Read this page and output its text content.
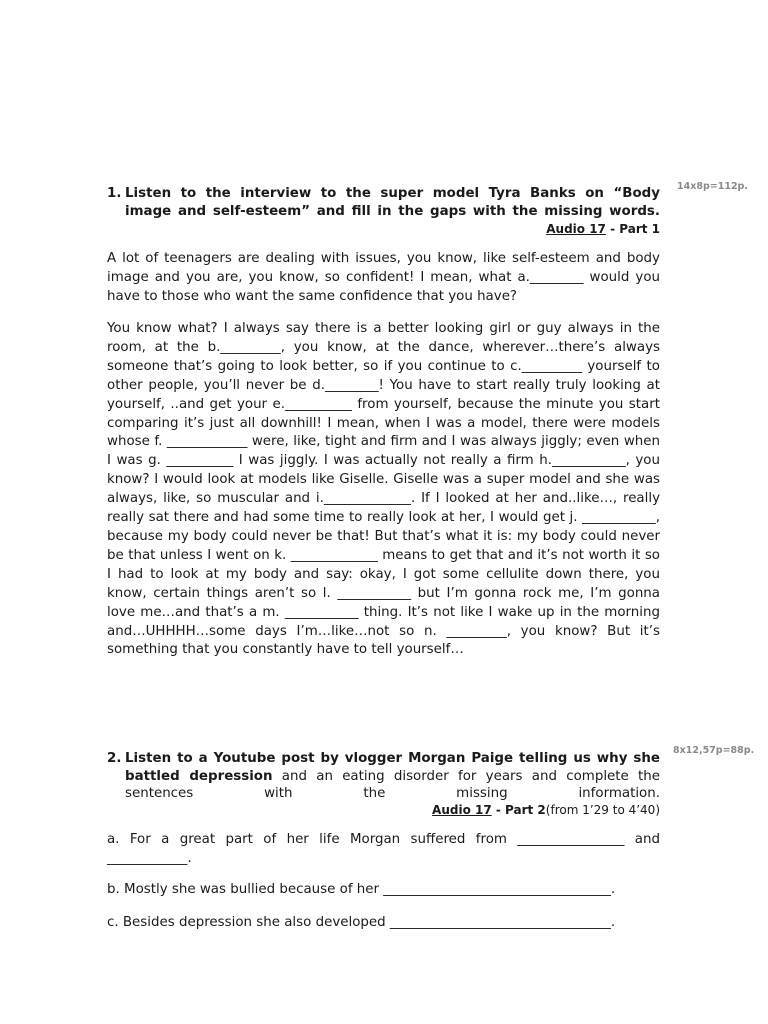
14x8p=112p.
1. Listen to the interview to the super model Tyra Banks on “Body
image and self-esteem” and fill in the gaps with the missing words.
Audio 17 - Part 1

A lot of teenagers are dealing with issues, you know, like self-esteem and body image and you are, you know, so confident! I mean, what a.________ would you have to those who want the same confidence that you have?

You know what? I always say there is a better looking girl or guy always in the room, at the b._________, you know, at the dance, wherever…there’s always someone that’s going to look better, so if you continue to c._________ yourself to other people, you’ll never be d.________! You have to start really truly looking at yourself, ..and get your e.__________ from yourself, because the minute you start comparing it’s just all downhill! I mean, when I was a model, there were models whose f. ____________ were, like, tight and firm and I was always jiggly; even when I was g. __________ I was jiggly. I was actually not really a firm h.___________, you know? I would look at models like Giselle. Giselle was a super model and she was always, like, so muscular and i._____________. If I looked at her and..like…, really really sat there and had some time to really look at her, I would get j. ___________, because my body could never be that! But that’s what it is: my body could never be that unless I went on k. _____________ means to get that and it’s not worth it so I had to look at my body and say: okay, I got some cellulite down there, you know, certain things aren’t so l. ___________ but I’m gonna rock me, I’m gonna love me…and that’s a m. ___________ thing. It’s not like I wake up in the morning and…UHHHH…some days I’m…like…not so n. _________, you know? But it’s something that you constantly have to tell yourself…

8x12,57p=88p.
2. Listen to a Youtube post by vlogger Morgan Paige telling us why she
battled depression and an eating disorder for years and complete the
sentences with the missing information.
Audio 17 - Part 2(from 1’29 to 4’40)
a. For a great part of her life Morgan suffered from ________________ and ____________.
b. Mostly she was bullied because of her __________________________________.
c. Besides depression she also developed _________________________________.
